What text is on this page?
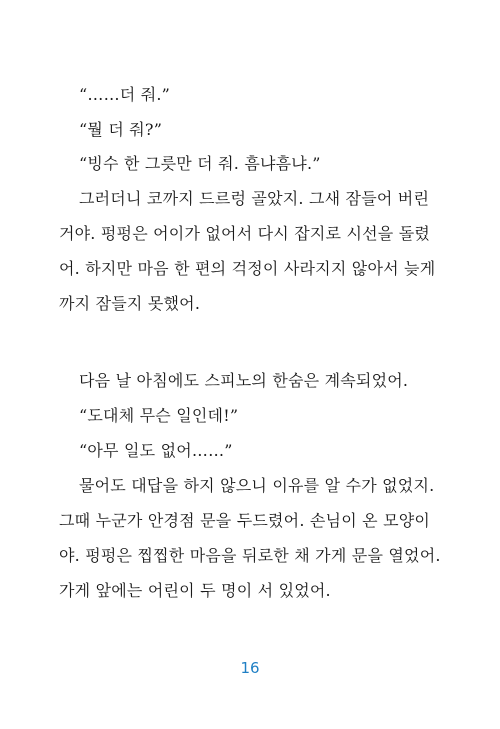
“……더 줘.”
“뭘 더 줘?”
“빙수 한 그릇만 더 줘. 흠냐흠냐.”
그러더니 코까지 드르렁 골았지. 그새 잠들어 버린
거야. 펑펑은 어이가 없어서 다시 잡지로 시선을 돌렸
어. 하지만 마음 한 편의 걱정이 사라지지 않아서 늦게
까지 잠들지 못했어.
다음 날 아침에도 스피노의 한숨은 계속되었어.
“도대체 무슨 일인데!”
“아무 일도 없어……”
물어도 대답을 하지 않으니 이유를 알 수가 없었지.
그때 누군가 안경점 문을 두드렸어. 손님이 온 모양이
야. 펑펑은 찝찝한 마음을 뒤로한 채 가게 문을 열었어.
가게 앞에는 어린이 두 명이 서 있었어.
16
